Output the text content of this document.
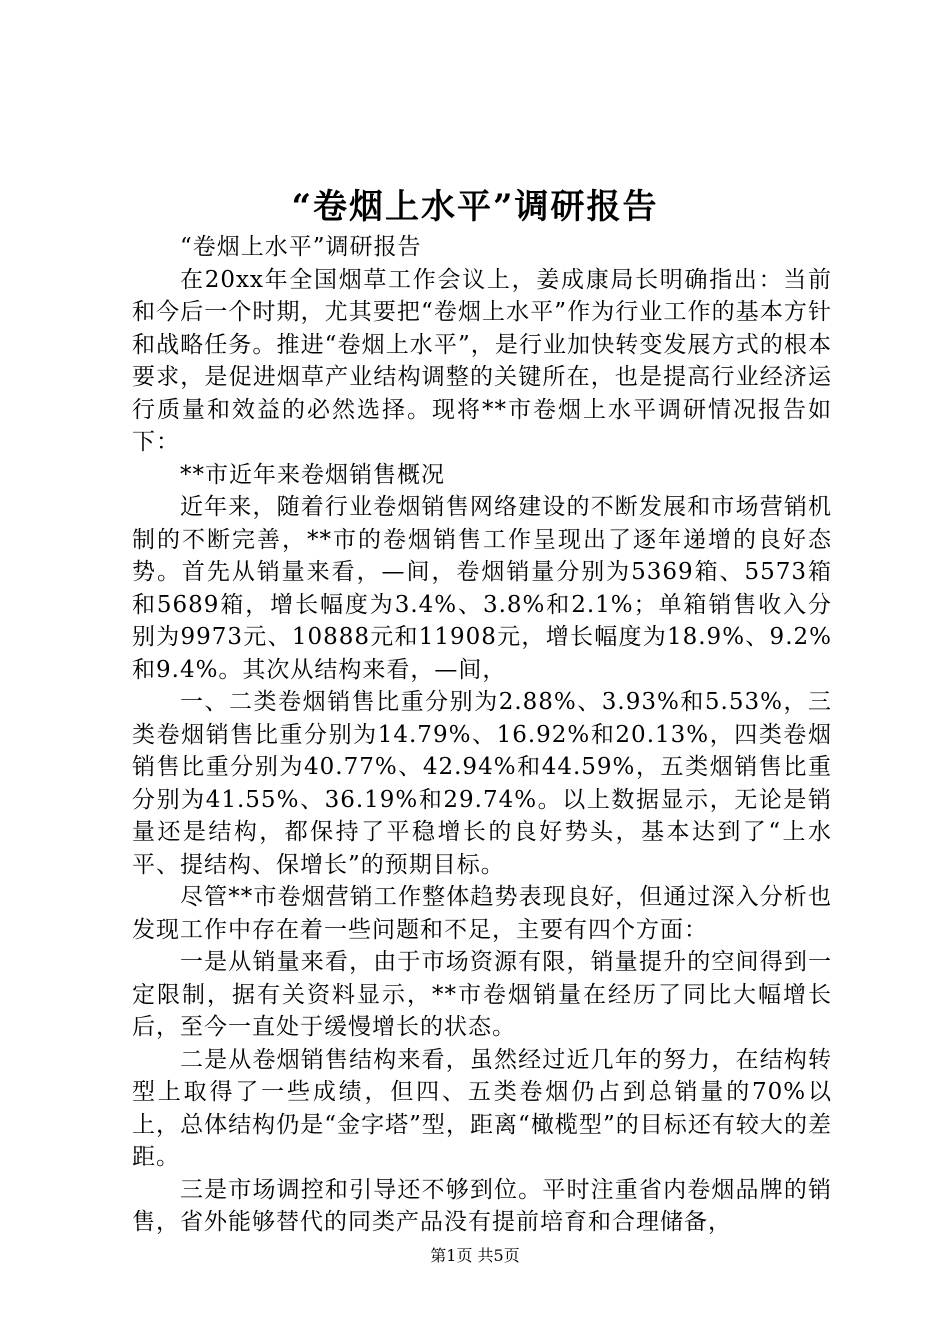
“卷烟上水平”调研报告

“卷烟上水平”调研报告

在20xx年全国烟草工作会议上，姜成康局长明确指出：当前和今后一个时期，尤其要把“卷烟上水平”作为行业工作的基本方针和战略任务。推进“卷烟上水平”，是行业加快转变发展方式的根本要求，是促进烟草产业结构调整的关键所在，也是提高行业经济运行质量和效益的必然选择。现将**市卷烟上水平调研情况报告如下：

**市近年来卷烟销售概况

近年来，随着行业卷烟销售网络建设的不断发展和市场营销机制的不断完善，**市的卷烟销售工作呈现出了逐年递增的良好态势。首先从销量来看，—间，卷烟销量分别为5369箱、5573箱和5689箱，增长幅度为3.4%、3.8%和2.1%；单箱销售收入分别为9973元、10888元和11908元，增长幅度为18.9%、9.2%和9.4%。其次从结构来看，—间，

一、二类卷烟销售比重分别为2.88%、3.93%和5.53%，三类卷烟销售比重分别为14.79%、16.92%和20.13%，四类卷烟销售比重分别为40.77%、42.94%和44.59%，五类烟销售比重分别为41.55%、36.19%和29.74%。以上数据显示，无论是销量还是结构，都保持了平稳增长的良好势头，基本达到了“上水平、提结构、保增长”的预期目标。

尽管**市卷烟营销工作整体趋势表现良好，但通过深入分析也发现工作中存在着一些问题和不足，主要有四个方面：

一是从销量来看，由于市场资源有限，销量提升的空间得到一定限制，据有关资料显示，**市卷烟销量在经历了同比大幅增长后，至今一直处于缓慢增长的状态。

二是从卷烟销售结构来看，虽然经过近几年的努力，在结构转型上取得了一些成绩，但四、五类卷烟仍占到总销量的70%以上，总体结构仍是“金字塔”型，距离“橄榄型”的目标还有较大的差距。

三是市场调控和引导还不够到位。平时注重省内卷烟品牌的销售，省外能够替代的同类产品没有提前培育和合理储备，

第1页 共5页
